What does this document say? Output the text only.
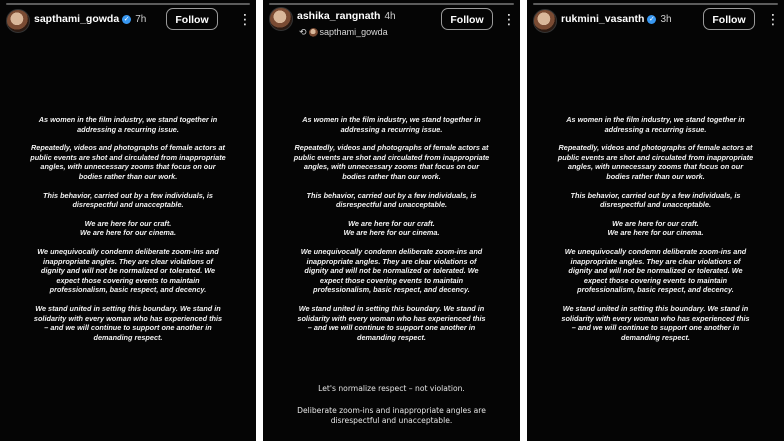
sapthami_gowda ✓ 7h	Follow	⋮

As women in the film industry, we stand together in
addressing a recurring issue.

Repeatedly, videos and photographs of female actors at
public events are shot and circulated from inappropriate
angles, with unnecessary zooms that focus on our
bodies rather than our work.

This behavior, carried out by a few individuals, is
disrespectful and unacceptable.

We are here for our craft.
We are here for our cinema.

We unequivocally condemn deliberate zoom-ins and
inappropriate angles. They are clear violations of
dignity and will not be normalized or tolerated. We
expect those covering events to maintain
professionalism, basic respect, and decency.

We stand united in setting this boundary. We stand in
solidarity with every woman who has experienced this
– and we will continue to support one another in
demanding respect.

ashika_rangnath 4h
⟲ sapthami_gowda
Follow	⋮

As women in the film industry, we stand together in
addressing a recurring issue.

Repeatedly, videos and photographs of female actors at
public events are shot and circulated from inappropriate
angles, with unnecessary zooms that focus on our
bodies rather than our work.

This behavior, carried out by a few individuals, is
disrespectful and unacceptable.

We are here for our craft.
We are here for our cinema.

We unequivocally condemn deliberate zoom-ins and
inappropriate angles. They are clear violations of
dignity and will not be normalized or tolerated. We
expect those covering events to maintain
professionalism, basic respect, and decency.

We stand united in setting this boundary. We stand in
solidarity with every woman who has experienced this
– and we will continue to support one another in
demanding respect.

Let's normalize respect – not violation.

Deliberate zoom-ins and inappropriate angles are
disrespectful and unacceptable.

rukmini_vasanth ✓ 3h	Follow	⋮

As women in the film industry, we stand together in
addressing a recurring issue.

Repeatedly, videos and photographs of female actors at
public events are shot and circulated from inappropriate
angles, with unnecessary zooms that focus on our
bodies rather than our work.

This behavior, carried out by a few individuals, is
disrespectful and unacceptable.

We are here for our craft.
We are here for our cinema.

We unequivocally condemn deliberate zoom-ins and
inappropriate angles. They are clear violations of
dignity and will not be normalized or tolerated. We
expect those covering events to maintain
professionalism, basic respect, and decency.

We stand united in setting this boundary. We stand in
solidarity with every woman who has experienced this
– and we will continue to support one another in
demanding respect.
